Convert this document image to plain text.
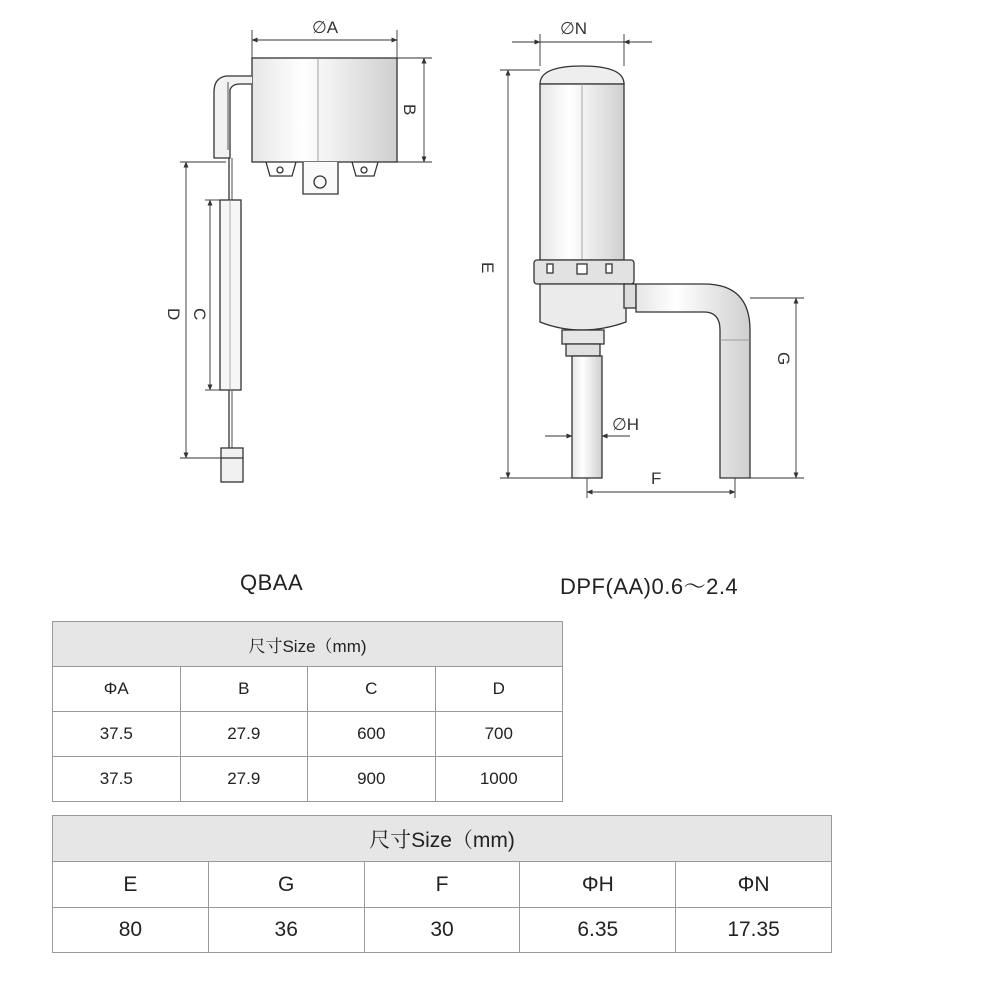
∅A
B
D C
∅N
E
G
F
∅H
QBAA	DPF(AA)0.6～2.4
尺寸Size（mm)			
ΦA	B	C	D
37.5	27.9	600	700
37.5	27.9	900	1000
尺寸Size（mm)				
E	G	F	ΦH	ΦN
80	36	30	6.35	17.35
